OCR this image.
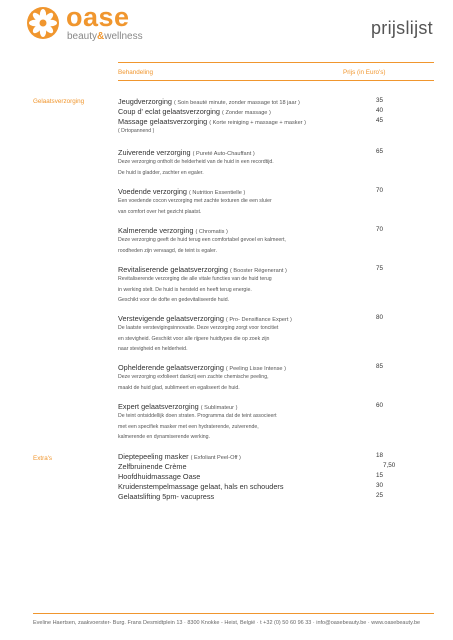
oase
beauty&wellness	prijslijst
Behandeling	Prijs (in Euro's)
Gelaatsverzorging
Extra's
Jeugdverzorging ( Soin beauté minute, zonder massage tot 18 jaar )	35
Coup d' eclat gelaatsverzorging ( Zonder massage )	40
Massage gelaatsverzorging ( Korte reiniging + massage + masker )	45
( Drtopannend )
Zuiverende verzorging ( Pureté Auto-Chauffant )	65
Deze verzorging ontholt de helderheid van de huid in een recordtijd.
De huid is gladder, zachter en egaler.
Voedende verzorging ( Nutrition Essentielle )	70
Een voedende cocon verzorging met zachte texturen die een sluier
van comfort over het gezicht plaatst.
Kalmerende verzorging ( Chromatis )	70
Deze verzorging geeft de huid terug een comfortabel gevoel en kalmeert,
roodheden zijn vervaagd, de teint is egaler.
Revitaliserende gelaatsverzorging ( Booster Régenerant )	75
Revitaliserende verzorging die alle vitale functies van de huid terug
in werking stelt. De huid is hersteld en heeft terug energie.
Geschikt voor de dofte en gedevitaliseerde huid.
Verstevigende gelaatsverzorging ( Pro- Densifiance Expert )	80
De laatste verstevigingsinnovatie. Deze verzorging zorgt voor toncitiet
en stevigheid. Geschikt voor alle rijpere huidtypes die op zoek zijn
naar stevigheid en helderheid.
Ophelderende gelaatsverzorging ( Peeling Lisse Intense )	85
Deze verzorging exfolieert dankzij een zachte chemische peeling,
maakt de huid glad, sublimeert en egaliseert de huid.
Expert gelaatsverzorging ( Sublimateur )	60
De teint ontsiddellijk doen straten. Programma dat de teint associeert
met een specifiek masker met een hydraterende, zuiverende,
kalmerende en dynamiserende werking.
Dieptepeeling masker ( Exfoliant Peel-Off )	18
Zelfbruinende Crème	7,50
Hoofdhuidmassage Oase	15
Kruidenstempelmassage gelaat, hals en schouders	30
Gelaatslifting 5pm- vacupress	25
Eveline Haertsen, zaakvoerster- Burg. Frans Desmidtplein 13 · 8300 Knokke - Heist, België · t +32 (0) 50 60 96 33 · info@oasebeauty.be · www.oasebeauty.be
